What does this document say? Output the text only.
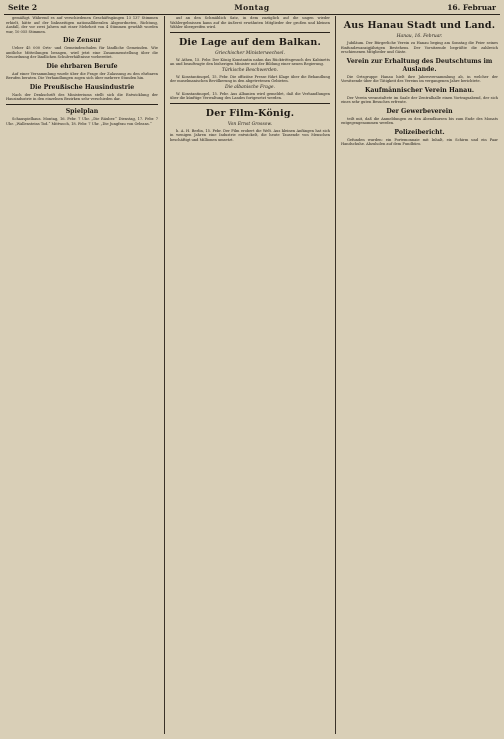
Seite 2	Montag	16. Februar

gemäßigt. Während es auf verschiedenen Geschäftsgängen 13 137 Stimmen erhielt, hätte auf der linksseitigen nationalliberalen Abgeordneten, Richtung, Ausfall, der vor zwei Jahren mit einer Mehrheit von 4 Stimmen gewählt worden war, 10 055 Stimmen.

Die Zensur

Ueber 45 000 Orts- und Gemeindeschulen für ländliche Gemeinden. Wie amtliche Mitteilungen besagen, wird jetzt eine Zusammenstellung über die Neuordnung der ländlichen Schulverhältnisse vorbereitet.

Die ehrbaren Berufe

Auf einer Versammlung wurde über die Frage der Zulassung zu den ehrbaren Berufen beraten. Die Verhandlungen zogen sich über mehrere Stunden hin.

Die Preußische Hausindustrie

Nach der Denkschrift des Ministeriums stellt sich die Entwicklung der Hausindustrie in den einzelnen Bezirken sehr verschieden dar.

Spielplan

Schauspielhaus. Montag, 16. Febr. 7 Uhr. „Die Räuber.“ Dienstag, 17. Febr. 7 Uhr. „Wallensteins Tod.“ Mittwoch, 18. Febr. 7 Uhr. „Die Jungfrau von Orleans.“

auf an den Schmählich Satz, in dem zuzüglich auf die ungen wieder Wahlergebnissen kann auf die äußerst erwähnten Mitglieder der großen und kleinen Wähler übergreifen wird.

Die Lage auf dem Balkan.
Griechischer Ministerwechsel.

W. Athen, 15. Febr. Der König Konstantin nahm das Rücktrittsgesuch des Kabinetts an und beauftragte den bisherigen Minister mit der Bildung einer neuen Regierung.

Türkische Beschwerden.

W. Konstantinopel, 15. Febr. Die offiziöse Presse führt Klage über die Behandlung der muselmanischen Bevölkerung in den abgetretenen Gebieten.

Die albanische Frage.

W. Konstantinopel, 15. Febr. Aus Albanien wird gemeldet, daß die Verhandlungen über die künftige Verwaltung des Landes fortgesetzt werden.

Der Film-König.
Von Ernst Grossow.

h. A. H. Berlin, 15. Febr. Der Film erobert die Welt. Aus kleinen Anfängen hat sich in wenigen Jahren eine Industrie entwickelt, die heute Tausende von Menschen beschäftigt und Millionen umsetzt.

Aus Hanau Stadt und Land.
Hanau, 16. Februar.

Jubiläum. Der Bürgerliche Verein zu Hanau beging am Sonntag die Feier seines fünfundzwanzigjährigen Bestehens. Der Vorsitzende begrüßte die zahlreich erschienenen Mitglieder und Gäste.

Verein zur Erhaltung des Deutschtums im Auslande.

Die Ortsgruppe Hanau hielt ihre Jahresversammlung ab, in welcher der Vorsitzende über die Tätigkeit des Vereins im vergangenen Jahre berichtete.

Kaufmännischer Verein Hanau.

Der Verein veranstaltete im Saale der Zentralhalle einen Vortragsabend, der sich eines sehr guten Besuches erfreute.

Der Gewerbeverein

teilt mit, daß die Anmeldungen zu den Abendkursen bis zum Ende des Monats entgegengenommen werden.

Polizeibericht.

Gefunden wurden: ein Portemonnaie mit Inhalt, ein Schirm und ein Paar Handschuhe. Abzuholen auf dem Fundbüro.
